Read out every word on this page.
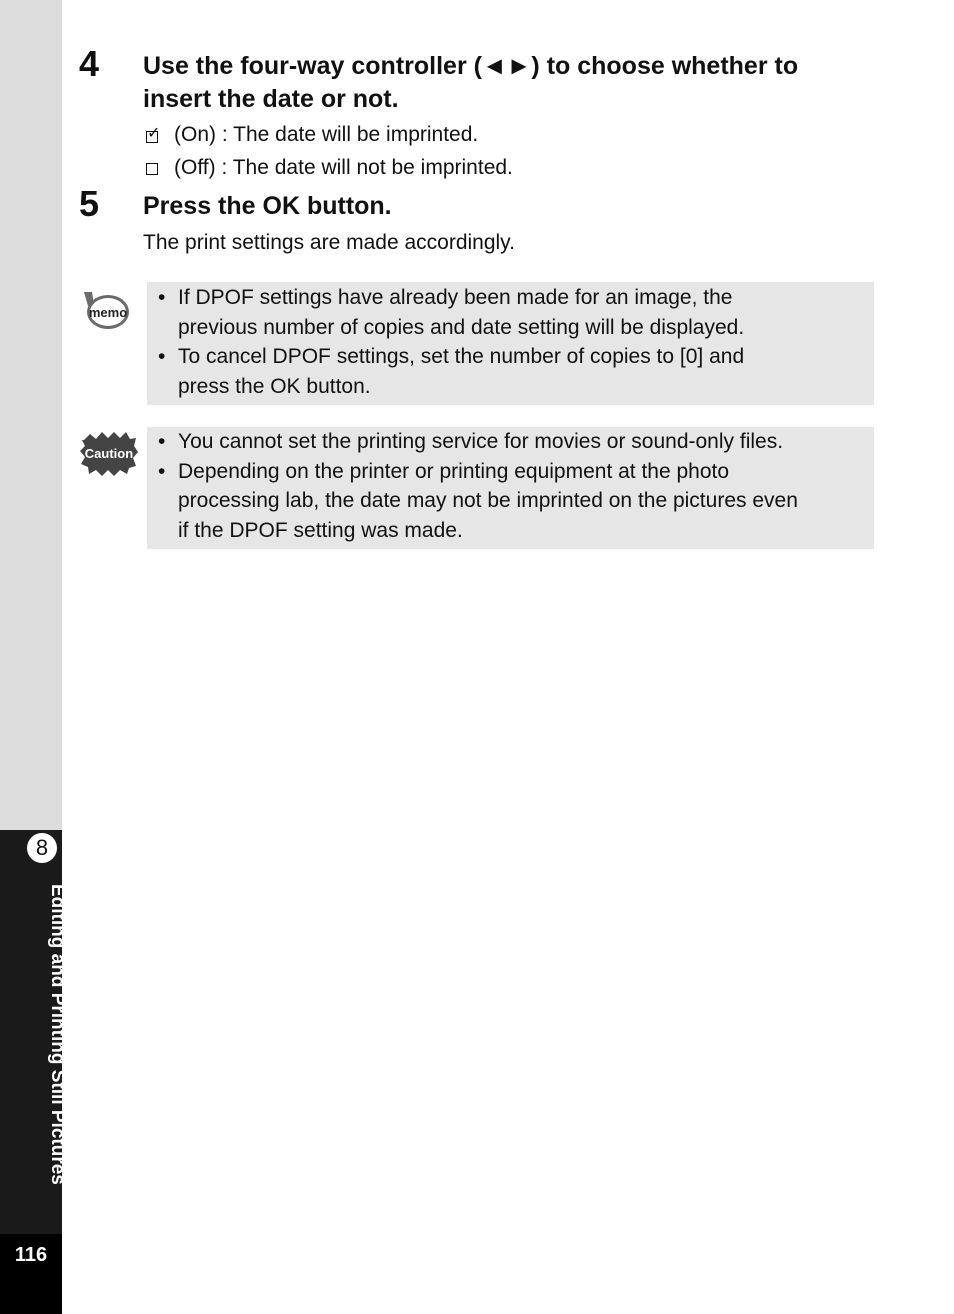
8
Editing and Printing Still Pictures
116
4 Use the four-way controller (◄►) to choose whether to
insert the date or not.
✓ (On) : The date will be imprinted.
(Off) : The date will not be imprinted.
5 Press the OK button.
The print settings are made accordingly.
memo
• If DPOF settings have already been made for an image, the
previous number of copies and date setting will be displayed.
• To cancel DPOF settings, set the number of copies to [0] and
press the OK button.
Caution
• You cannot set the printing service for movies or sound-only files.
• Depending on the printer or printing equipment at the photo
processing lab, the date may not be imprinted on the pictures even
if the DPOF setting was made.
